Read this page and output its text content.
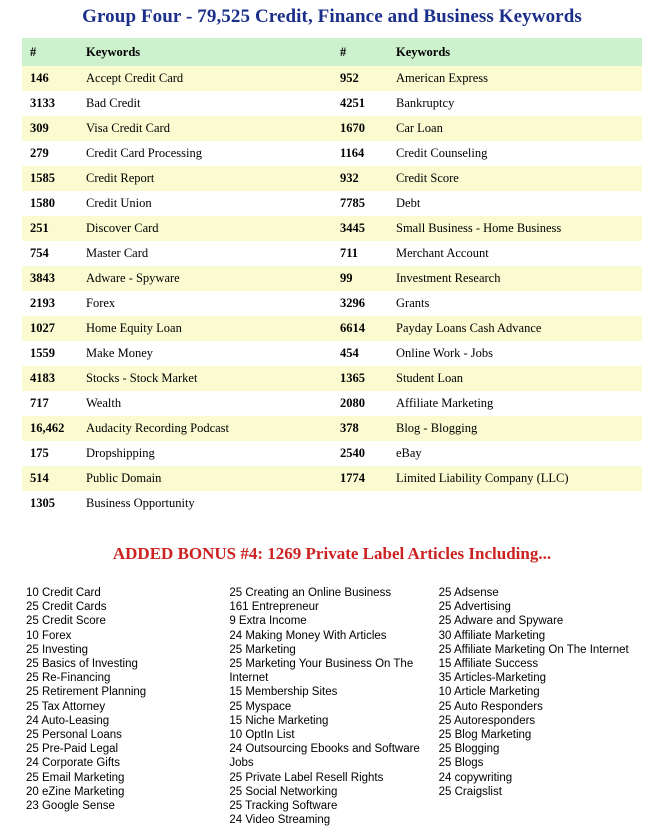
Group Four - 79,525 Credit, Finance and Business Keywords
#	Keywords	#	Keywords
146	Accept Credit Card	952	American Express
3133	Bad Credit	4251	Bankruptcy
309	Visa Credit Card	1670	Car Loan
279	Credit Card Processing	1164	Credit Counseling
1585	Credit Report	932	Credit Score
1580	Credit Union	7785	Debt
251	Discover Card	3445	Small Business - Home Business
754	Master Card	711	Merchant Account
3843	Adware - Spyware	99	Investment Research
2193	Forex	3296	Grants
1027	Home Equity Loan	6614	Payday Loans Cash Advance
1559	Make Money	454	Online Work - Jobs
4183	Stocks - Stock Market	1365	Student Loan
717	Wealth	2080	Affiliate Marketing
16,462	Audacity Recording Podcast	378	Blog - Blogging
175	Dropshipping	2540	eBay
514	Public Domain	1774	Limited Liability Company (LLC)
1305	Business Opportunity		
ADDED BONUS #4: 1269 Private Label Articles Including...
10 Credit Card
25 Credit Cards
25 Credit Score
10 Forex
25 Investing
25 Basics of Investing
25 Re-Financing
25 Retirement Planning
25 Tax Attorney
24 Auto-Leasing
25 Personal Loans
25 Pre-Paid Legal
24 Corporate Gifts
25 Email Marketing
20 eZine Marketing
23 Google Sense
25 Creating an Online Business
161 Entrepreneur
9 Extra Income
24 Making Money With Articles
25 Marketing
25 Marketing Your Business On The Internet
15 Membership Sites
25 Myspace
15 Niche Marketing
10 OptIn List
24 Outsourcing Ebooks and Software Jobs
25 Private Label Resell Rights
25 Social Networking
25 Tracking Software
24 Video Streaming
25 Adsense
25 Advertising
25 Adware and Spyware
30 Affiliate Marketing
25 Affiliate Marketing On The Internet
15 Affiliate Success
35 Articles-Marketing
10 Article Marketing
25 Auto Responders
25 Autoresponders
25 Blog Marketing
25 Blogging
25 Blogs
24 copywriting
25 Craigslist
